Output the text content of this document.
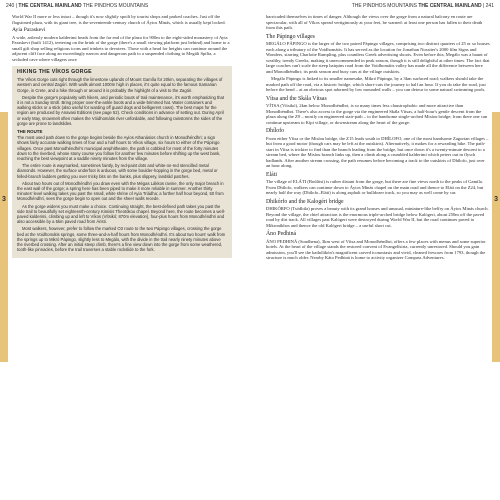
240 | THE CENTRAL MAINLAND THE PINDHOS MOUNTAINS	THE PINDHOS MOUNTAINS THE CENTRAL MAINLAND | 241
3	3

World War II more or less intact – though it's now slightly spoilt by tourist shops and parked coaches. Just off the flagstoned plaza, with its giant tree, is the seventeenth-century church of Áyios Minás, which is usually kept locked.

Ayia Paraskevi

A wide, artlessly modern kalderimi heads from the far end of the plaza for 900m to the eight-sided monastery of Ayia Paraskevi (built 1412), teetering on the brink of the gorge (there's a small viewing platform just behind) and home to a small gift shop selling religious icons and trinkets to devotees. Those with a head for heights can continue around the adjacent cliff face along an exceedingly narrow and dangerous path to a suspended clothing to Megáli Spília, a secluded cave where villagers once

HIKING THE VÍKOS GORGE

The Víkos Gorge cuts right through the limestone uplands of Mount Gamíla for 20km, separating the villages of western and central Zagóri. With walls almost 1000m high in places, it's quite equal to the famous Samarian Gorge, in Crete, and a hike through or around it is probably the highlight of a visit to the Zagóri.

Despite the gorge's popularity with hikers, and periodic bouts of trail maintenance, it's worth emphasizing that it is not a Sunday stroll. Bring proper over-the-ankle boots and a wide-brimmed hat. Water containers and walking sticks or a stick (also useful for warding off guard dogs and belligerent cows). The best maps for the region are produced by Anavasi Editions (see page 52). Check conditions in advance of setting out. During April or early May, snowmelt often makes the Vóidhomátis river unfordable, and following rainstorms the sides of the gorge are prone to landslides.

THE ROUTE

The most used path down to the gorge begins beside the Ayios Athanásios church in Monodhéndhri; a sign shows fairly accurate walking times of four and a half hours to Víkos village, six hours to either of the Pápingo villages. Once past Monodhéndhri's municipal amphitheatre, the path is cobbled for most of the forty minutes down to the riverbed, whose stony course you follow for another few minutes before shifting up the west bank, reaching the best viewpoint at a saddle ninety minutes from the village.

The entire route is waymarked, sometimes faintly, by red-paint dots and white-on-red stencilled metal diamonds. However, the surface underfoot is arduous, with some boulder-hopping in the gorge bed, metal or felled-branch ladders getting you over tricky bits on the banks, plus slippery, landslid patches.

About two hours out of Monodhéndhri you draw even with the Mégas Lákkos ravine, the only major breach in the east wall of the gorge; a spring here has been piped to make it more reliable in summer. Another thirty minutes' level walking takes you past the small, white shrine of Ayia Triádha; a further half hour beyond, 50 from Monodhéndhri, sees the gorge begin to open out and the sheer walls recede.

As the gorge widens you must make a choice. Continuing straight, the best-defined path takes you past the side trail to beautifully set eighteenth-century Kimisis Theotókou chapel. Beyond here, the route becomes a well-paved kalderimi, climbing up and left to Víkos (Vítsikó; 870m elevation), four-plus hours from Monodhéndhri and also accessible by a 5km paved road from Áristi.

Most walkers, however, prefer to follow the marked O3 route to the two Pápingo villages, crossing the gorge bed at the Voidhomátis springs, some three-and-a-half hours from Monodhéndhri. It's about two hours' walk from the springs up to Mikró Pápingo, slightly less to Megálo, with the divide in the trail nearly ninety minutes above the riverbed crossing. After an initial steep climb, there's a fine view down into the gorge from some weathered, tooth-like pinnacles, before the trail traverses a stable rockslide to the fork.

barricaded themselves in times of danger. Although the views over the gorge from a natural balcony en route are spectacular, with all of Víkos spread vertiginously at your feet, be warned: at least one person has fallen to their death from this path.

The Pápingo villages

MEGÁLO PÁPINGO is the larger of the two paired Pápingo villages, comprising two distinct quarters of 25 or so houses each along a tributary of the Voidhomátis. It has served as the location for Jonathan Nossiter's 2000 film Signs and Wonders, starring Charlotte Rampling, plus countless Greek advertising shoots. Even before this, Megálo was a haunt of wealthy, trendy Greeks, making it unrecommended in peak season, though it is still delightful at other times. The fact that large coaches can't scale the steep hairpins road from the Voidhomátis valley has made all the difference between here and Monodhéndhri; its peak season and busy cars at the village outskirts.

Megálo Pápingo is linked to its smaller namesake, Mikró Pápingo, by a 3km surfaced road; walkers should take the marked path off the road, via a historic bridge, which short-cuts the journey to half an hour. If you do take the road, just before the bend – at an obvious spot adorned by low mounded walls – you can detour to some natural swimming pools.

Vítsa and the Skála Vítsas

VÍTSA (Vítsikó), 2km below Monodhéndhri, is so many times less claustrophobic and more attractive than Monodhéndhri. There's also access to the gorge via the engineered Skála Vítsas, a half-hour's gentle descent from the plaza along the Z9 – mostly on engineered stair-path – to the handsome single-arched Misíou bridge; from there one can continue upstream to Kípi village, or downstream along the heart of the gorge.

Dhílofo

From either Vítsa or the Misíou bridge, the Z15 leads south to DHÍLOFO, one of the most handsome Zagorian villages – but from a good motor (though cars may be left at the outskirts). Alternatively, it makes for a rewarding hike. The path-start in Vítsa is trickier to find than the branch leading from the bridge, but once down it's a twenty-minute descent to a stream bed, where the Misíou branch links up, then a climb along a crumbled kalderimi which peters out in flysch badlands. After another stream crossing, the path resumes before becoming a track to the outskirts of Dhílofo, just over an hour along.

Eláti

The village of ELÁTI (Boúlitsi) is rather distant from the gorge, but there are fine views north to the peaks of Gamíla. From Dhílofo, walkers can continue down to Áyios Minás chapel on the main road and thence to Eláti on the Z24, but nearly half the way (Dhílofo–Eláti) is along asphalt or bulldozer track, so you may as well come by car.

Dhikórfo and the Kalogéri bridge

DHIKÓRFO (Tsódhila) proves a beauty with its grand houses and unusual, miniature-like belfry on Áyios Minás church. Beyond the village, the chief attraction is the enormous triple-arched bridge below Kalógeri, about 250m off the paved road by dirt track. All villages past Kalógeri were destroyed during World War II, but the road continues paved to Mikroníkhos and thence the old Kalógeri bridge – a useful short cut.

Áno Pedhiná

ÁNO PEDHINÁ (Soudhena), 3km west of Vítsa and Monodhéndhri, offers a few places with menus and some superior hotels. At the heart of the village stands the restored convent of Evangelístria, currently unrestored. Should you gain admission, you'll see the kathólikón's magnificent carved iconostasis and vivid, cleaned frescoes from 1793, though the structure is much older. Nearby Káto Pedhiná is home to activity organizer Compass Adventures.
